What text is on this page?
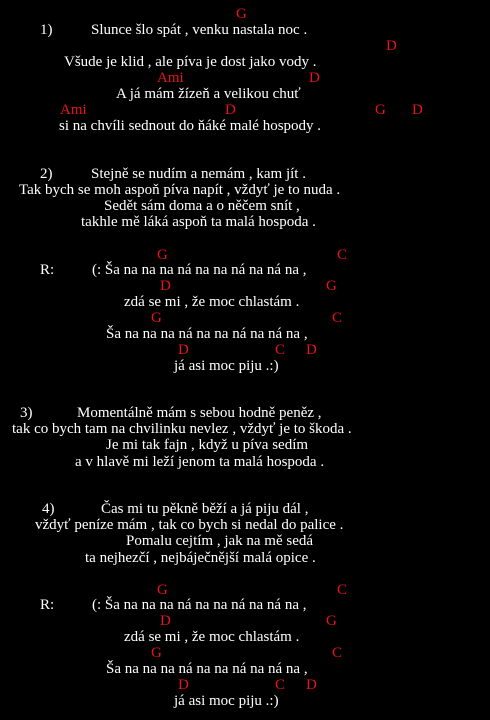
G
1)	Slunce šlo spát , venku nastala noc .
D
Všude je klid , ale píva je dost jako vody .
Ami	D
A já mám žízeň a velikou chuť
Ami	D	G D
si na chvíli sednout do ňáké malé hospody .
2)	Stejně se nudím a nemám , kam jít .
Tak bych se moh aspoň píva napít , vždyť je to nuda .
Sedět sám doma a o něčem snít ,
takhle mě láká aspoň ta malá hospoda .
G	C
R:	(: Ša na na na ná na na ná na ná na ,
D	G
zdá se mi , že moc chlastám .
G	C
Ša na na na ná na na ná na ná na ,
D	C D
já asi moc piju .:)
3)	Momentálně mám s sebou hodně peněz ,
tak co bych tam na chvilinku nevlez , vždyť je to škoda .
Je mi tak fajn , když u píva sedím
a v hlavě mi leží jenom ta malá hospoda .
4)	Čas mi tu pěkně běží a já piju dál ,
vždyť peníze mám , tak co bych si nedal do palice .
Pomalu cejtím , jak na mě sedá
ta nejhezčí , nejbáječnější malá opice .
G	C
R:	(: Ša na na na ná na na ná na ná na ,
D	G
zdá se mi , že moc chlastám .
G	C
Ša na na na ná na na ná na ná na ,
D	C D
já asi moc piju .:)
